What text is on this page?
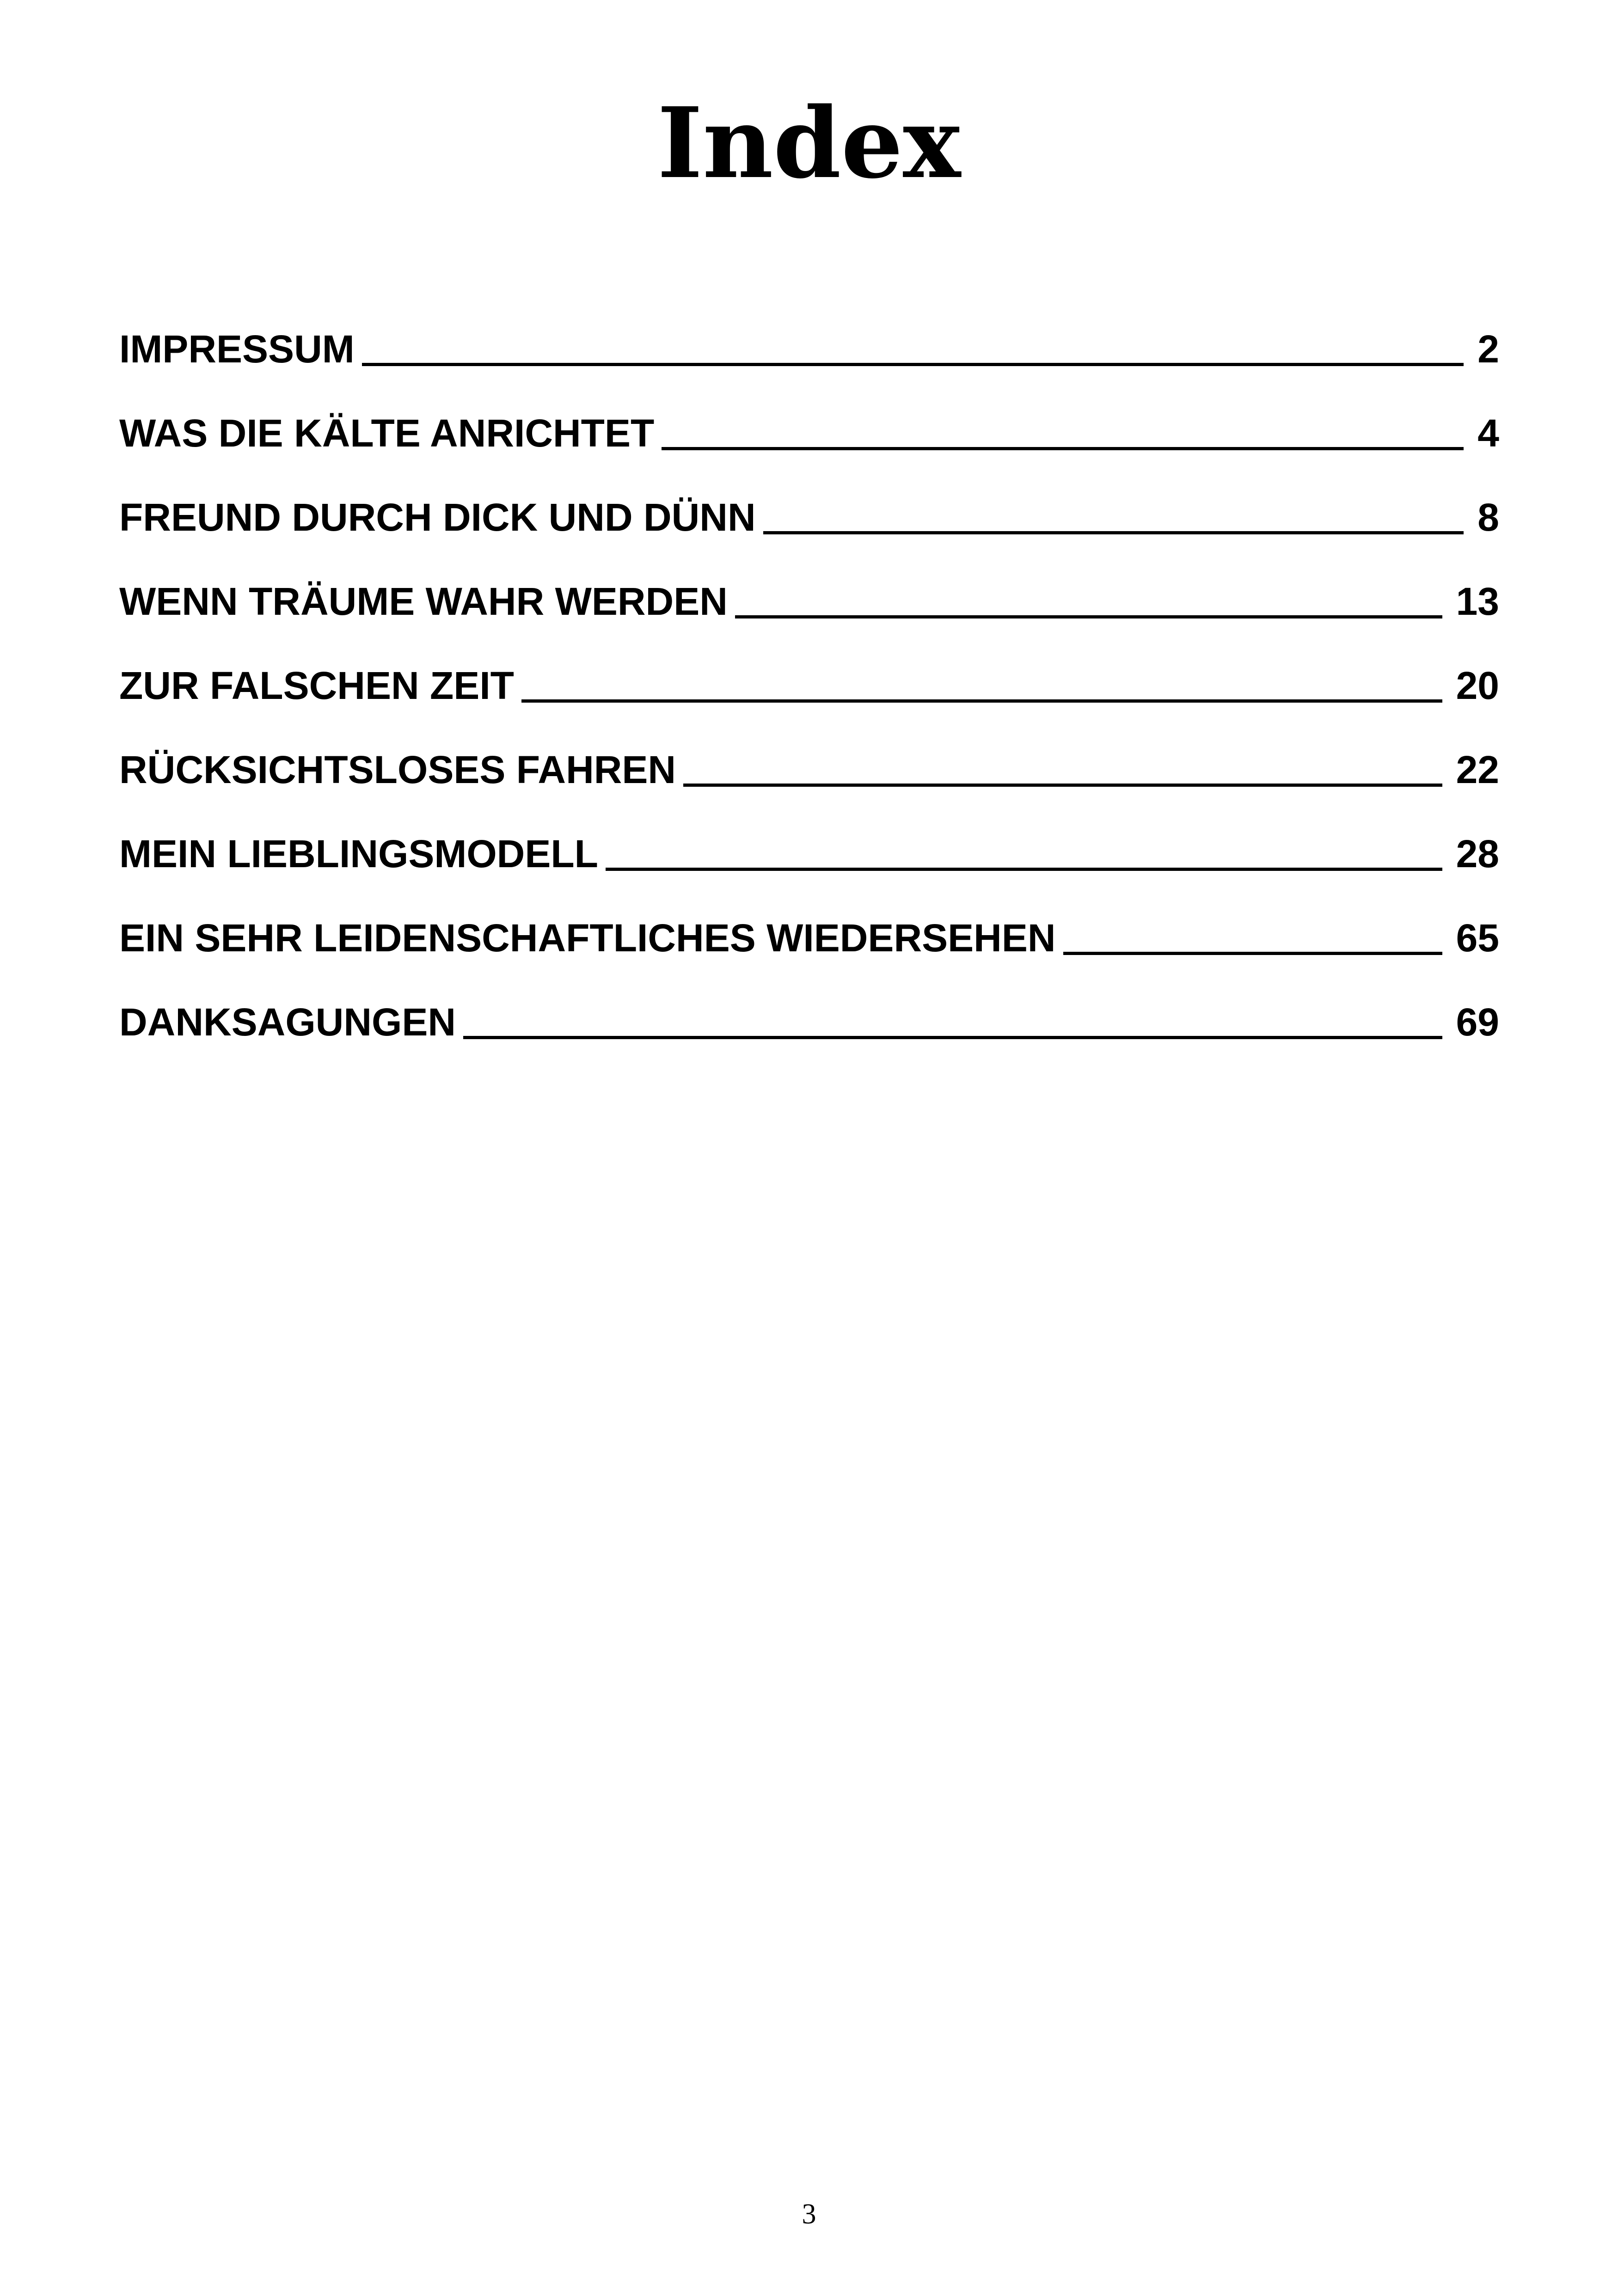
Index
IMPRESSUM	2
WAS DIE KÄLTE ANRICHTET	4
FREUND DURCH DICK UND DÜNN	8
WENN TRÄUME WAHR WERDEN	13
ZUR FALSCHEN ZEIT	20
RÜCKSICHTSLOSES FAHREN	22
MEIN LIEBLINGSMODELL	28
EIN SEHR LEIDENSCHAFTLICHES WIEDERSEHEN	65
DANKSAGUNGEN	69
3
